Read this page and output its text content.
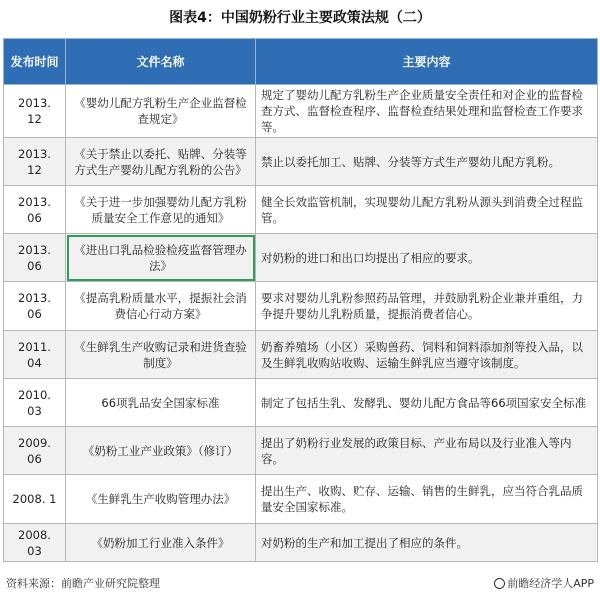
图表4：中国奶粉行业主要政策法规（二）
发布时间	文件名称	主要内容
2013. 12	《婴幼儿配方乳粉生产企业监督检查规定》	规定了婴幼儿配方乳粉生产企业质量安全责任和对企业的监督检查方式、监督检查程序、监督检查结果处理和监督检查工作要求等。
2013. 12	《关于禁止以委托、贴牌、分装等方式生产婴幼儿配方乳粉的公告》	禁止以委托加工、贴牌、分装等方式生产婴幼儿配方乳粉。
2013. 06	《关于进一步加强婴幼儿配方乳粉质量安全工作意见的通知》	健全长效监管机制，实现婴幼儿配方乳粉从源头到消费全过程监管。
2013. 06	《进出口乳品检验检疫监督管理办法》	对奶粉的进口和出口均提出了相应的要求。
2013. 06	《提高乳粉质量水平，提振社会消费信心行动方案》	要求对婴幼儿乳粉参照药品管理，并鼓励乳粉企业兼并重组，力争提升婴幼儿乳粉质量，提振消费者信心。
2011. 04	《生鲜乳生产收购记录和进货查验制度》	奶畜养殖场（小区）采购兽药、饲料和饲料添加剂等投入品，以及生鲜乳收购站收购、运输生鲜乳应当遵守该制度。
2010. 03	66项乳品安全国家标准	制定了包括生乳、发酵乳、婴幼儿配方食品等66项国家安全标准
2009. 06	《奶粉工业产业政策》（修订）	提出了奶粉行业发展的政策目标、产业布局以及行业准入等内容。
2008. 1	《生鲜乳生产收购管理办法》	提出生产、收购、贮存、运输、销售的生鲜乳，应当符合乳品质量安全国家标准。
2008. 03	《奶粉加工行业准入条件》	对奶粉的生产和加工提出了相应的条件。
资料来源：前瞻产业研究院整理	前瞻经济学人APP
